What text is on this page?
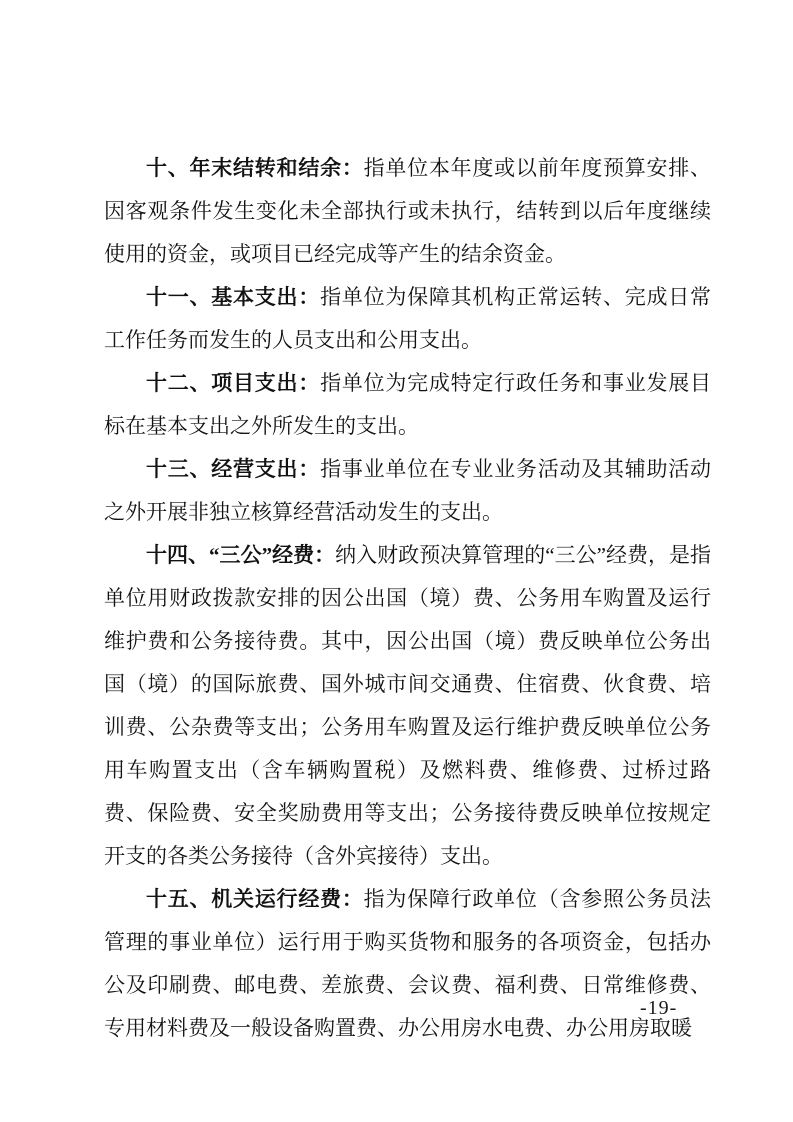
十、年末结转和结余：指单位本年度或以前年度预算安排、因客观条件发生变化未全部执行或未执行，结转到以后年度继续使用的资金，或项目已经完成等产生的结余资金。

十一、基本支出：指单位为保障其机构正常运转、完成日常工作任务而发生的人员支出和公用支出。

十二、项目支出：指单位为完成特定行政任务和事业发展目标在基本支出之外所发生的支出。

十三、经营支出：指事业单位在专业业务活动及其辅助活动之外开展非独立核算经营活动发生的支出。

十四、“三公”经费：纳入财政预决算管理的“三公”经费，是指单位用财政拨款安排的因公出国（境）费、公务用车购置及运行维护费和公务接待费。其中，因公出国（境）费反映单位公务出国（境）的国际旅费、国外城市间交通费、住宿费、伙食费、培训费、公杂费等支出；公务用车购置及运行维护费反映单位公务用车购置支出（含车辆购置税）及燃料费、维修费、过桥过路费、保险费、安全奖励费用等支出；公务接待费反映单位按规定开支的各类公务接待（含外宾接待）支出。

十五、机关运行经费：指为保障行政单位（含参照公务员法管理的事业单位）运行用于购买货物和服务的各项资金，包括办公及印刷费、邮电费、差旅费、会议费、福利费、日常维修费、专用材料费及一般设备购置费、办公用房水电费、办公用房取暖

-19-
